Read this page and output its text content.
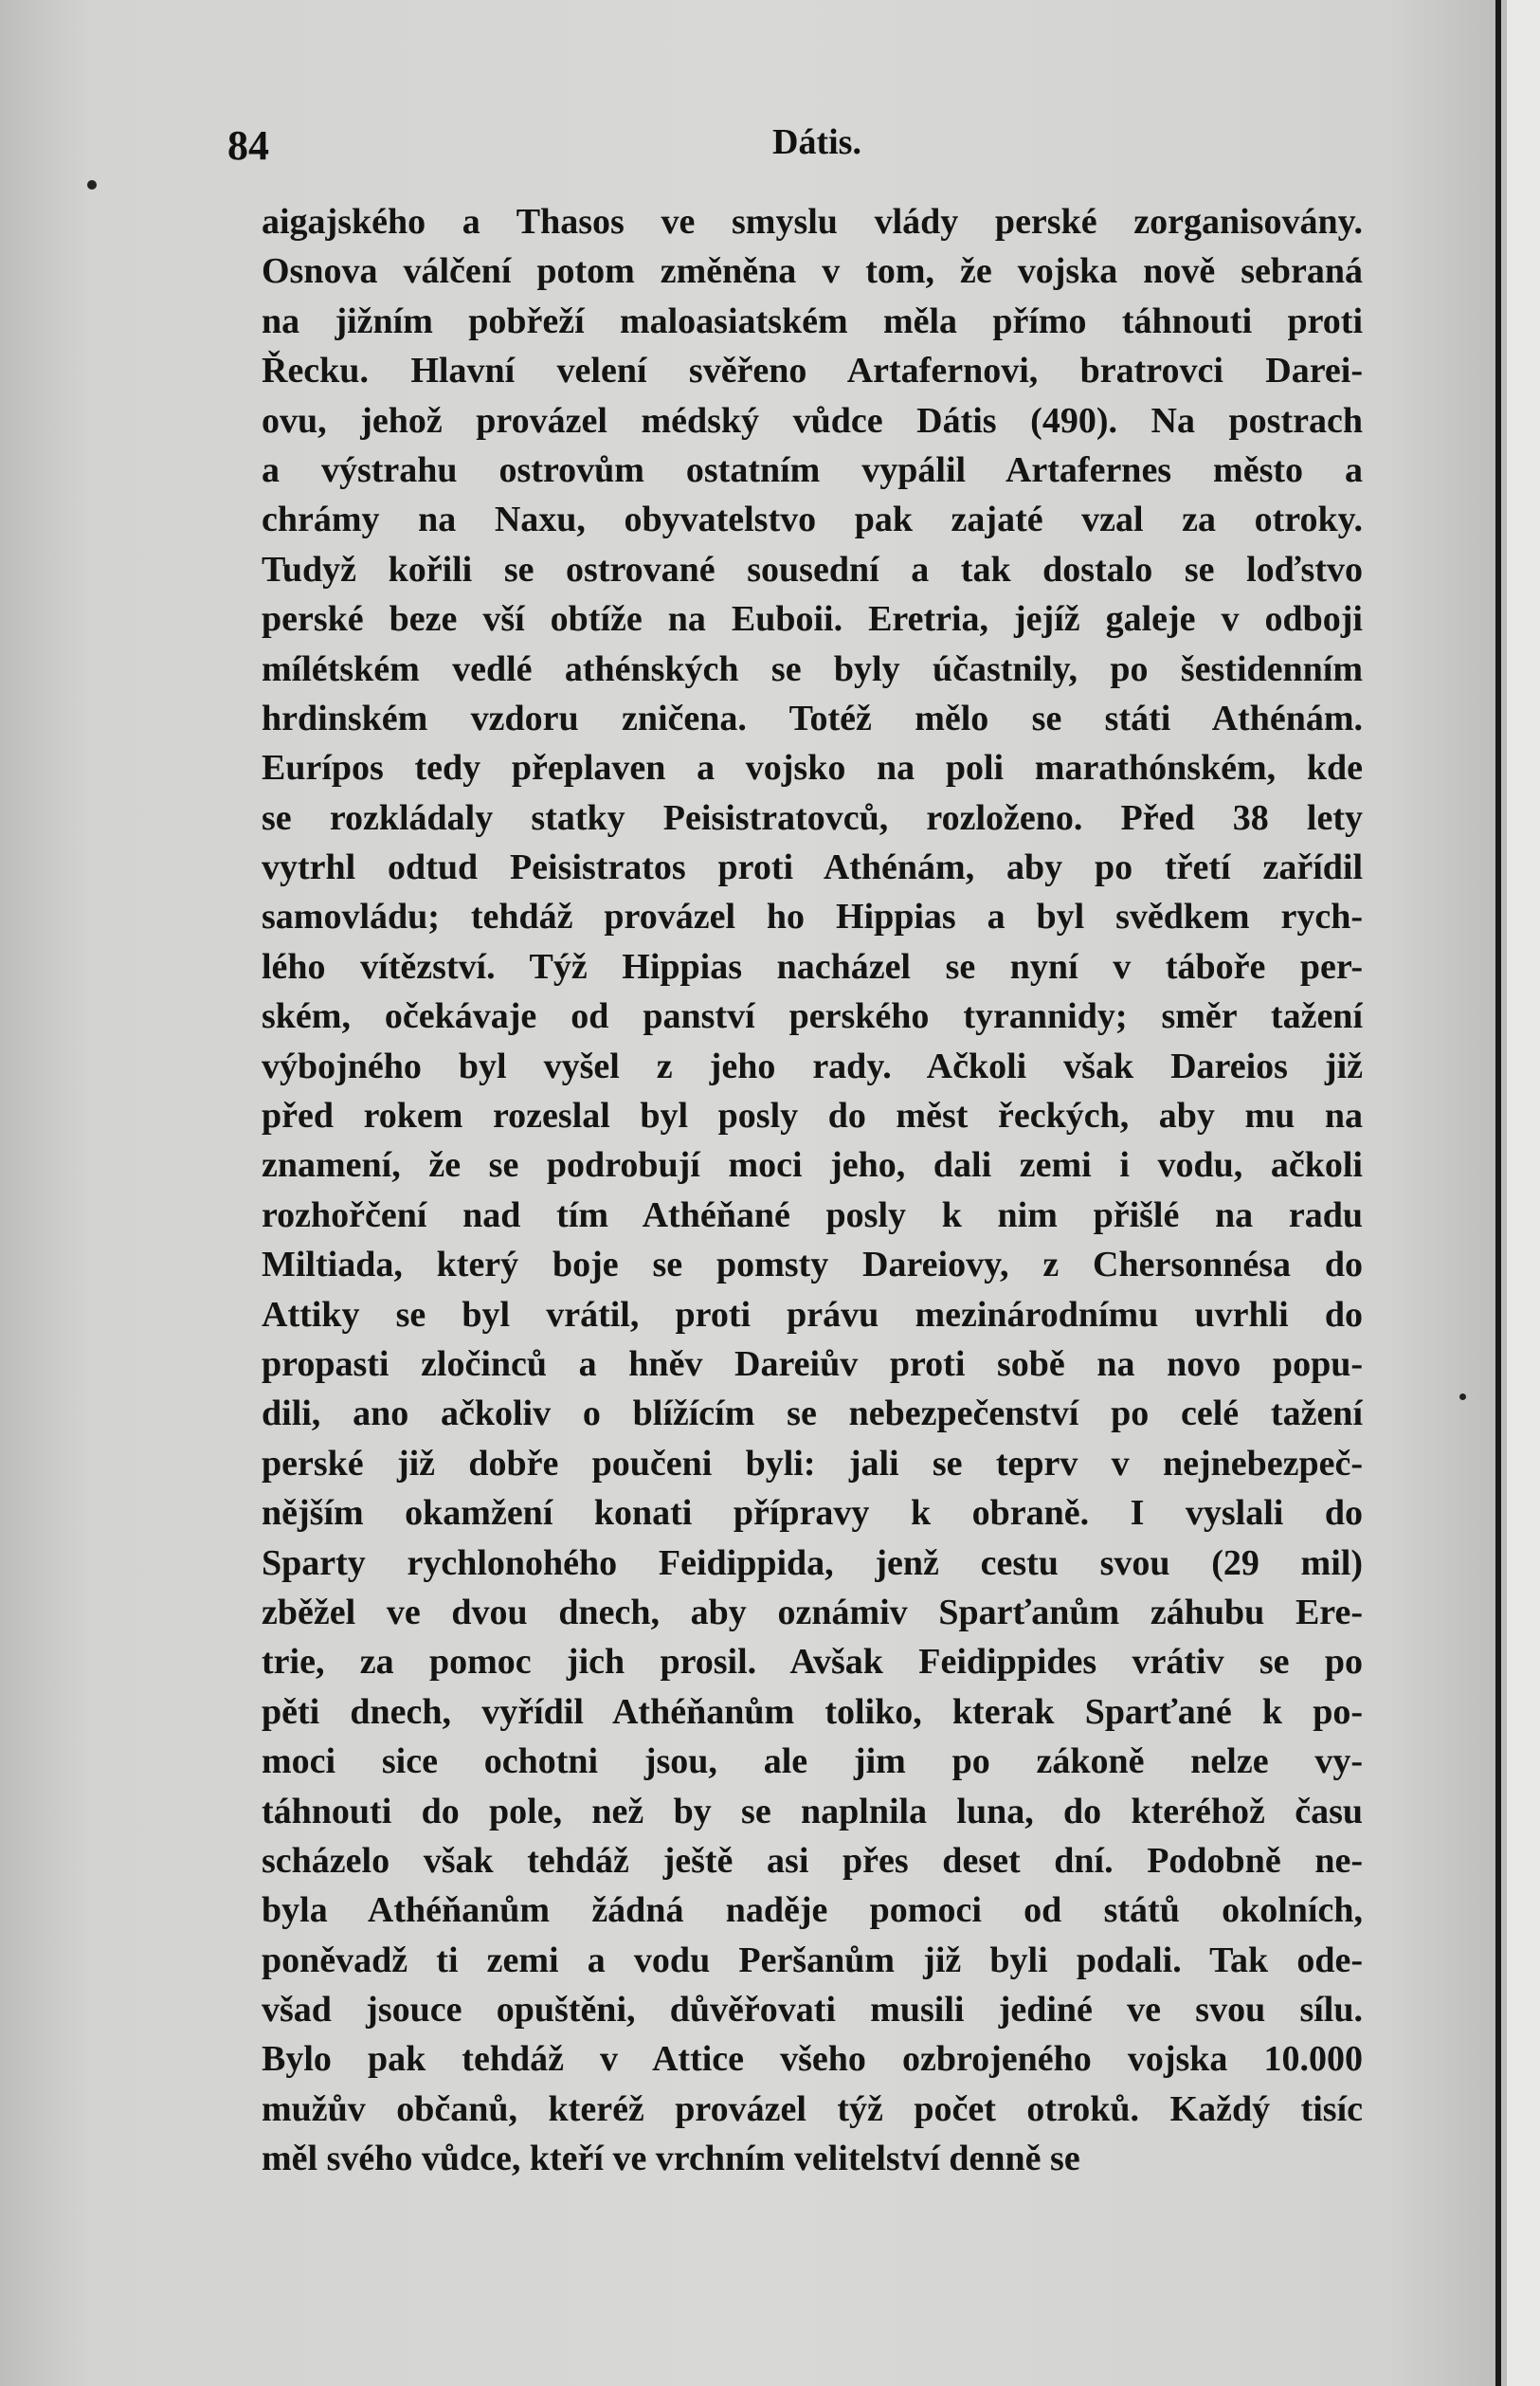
84	Dátis.
aigajského a Thasos ve smyslu vlády perské zorganisovány.
Osnova válčení potom změněna v tom, že vojska nově sebraná
na jižním pobřeží maloasiatském měla přímo táhnouti proti
Řecku. Hlavní velení svěřeno Artafernovi, bratrovci Darei-
ovu, jehož provázel médský vůdce Dátis (490). Na postrach
a výstrahu ostrovům ostatním vypálil Artafernes město a
chrámy na Naxu, obyvatelstvo pak zajaté vzal za otroky.
Tudyž kořili se ostrované sousední a tak dostalo se loďstvo
perské beze vší obtíže na Euboii. Eretria, jejíž galeje v odboji
mílétském vedlé athénských se byly účastnily, po šestidenním
hrdinském vzdoru zničena. Totéž mělo se státi Athénám.
Eurípos tedy přeplaven a vojsko na poli marathónském, kde
se rozkládaly statky Peisistratovců, rozloženo. Před 38 lety
vytrhl odtud Peisistratos proti Athénám, aby po třetí zařídil
samovládu; tehdáž provázel ho Hippias a byl svědkem rych-
lého vítězství. Týž Hippias nacházel se nyní v táboře per-
ském, očekávaje od panství perského tyrannidy; směr tažení
výbojného byl vyšel z jeho rady. Ačkoli však Dareios již
před rokem rozeslal byl posly do měst řeckých, aby mu na
znamení, že se podrobují moci jeho, dali zemi i vodu, ačkoli
rozhořčení nad tím Athéňané posly k nim přišlé na radu
Miltiada, který boje se pomsty Dareiovy, z Chersonnésa do
Attiky se byl vrátil, proti právu mezinárodnímu uvrhli do
propasti zločinců a hněv Dareiův proti sobě na novo popu-
dili, ano ačkoliv o blížícím se nebezpečenství po celé tažení
perské již dobře poučeni byli: jali se teprv v nejnebezpeč-
nějším okamžení konati přípravy k obraně. I vyslali do
Sparty rychlonohého Feidippida, jenž cestu svou (29 mil)
zběžel ve dvou dnech, aby oznámiv Sparťanům záhubu Ere-
trie, za pomoc jich prosil. Avšak Feidippides vrátiv se po
pěti dnech, vyřídil Athéňanům toliko, kterak Sparťané k po-
moci sice ochotni jsou, ale jim po zákoně nelze vy-
táhnouti do pole, než by se naplnila luna, do kteréhož času
scházelo však tehdáž ještě asi přes deset dní. Podobně ne-
byla Athéňanům žádná naděje pomoci od států okolních,
poněvadž ti zemi a vodu Peršanům již byli podali. Tak ode-
všad jsouce opuštěni, důvěřovati musili jediné ve svou sílu.
Bylo pak tehdáž v Attice všeho ozbrojeného vojska 10.000
mužův občanů, kteréž provázel týž počet otroků. Každý tisíc
měl svého vůdce, kteří ve vrchním velitelství denně se
